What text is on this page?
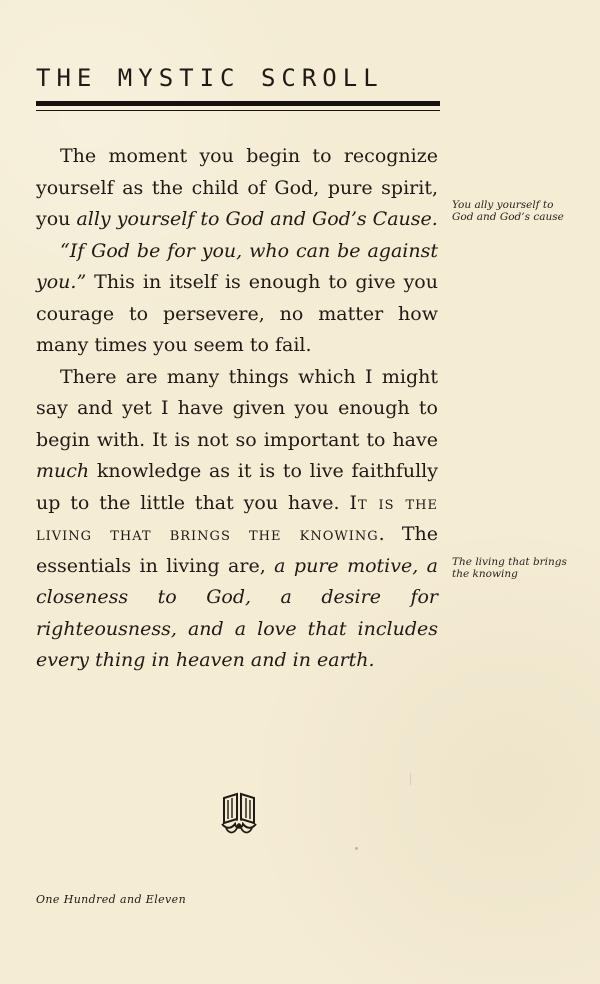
THE MYSTIC SCROLL

The moment you begin to recognize yourself as the child of God, pure spirit, you ally yourself to God and God’s Cause.

“If God be for you, who can be against you.” This in itself is enough to give you courage to persevere, no matter how many times you seem to fail.

There are many things which I might say and yet I have given you enough to begin with. It is not so important to have much knowledge as it is to live faithfully up to the little that you have. It is the living that brings the knowing. The essentials in living are, a pure motive, a closeness to God, a desire for righteousness, and a love that includes every thing in heaven and in earth.

You ally yourself to God and God’s cause
The living that brings the knowing
One Hundred and Eleven
